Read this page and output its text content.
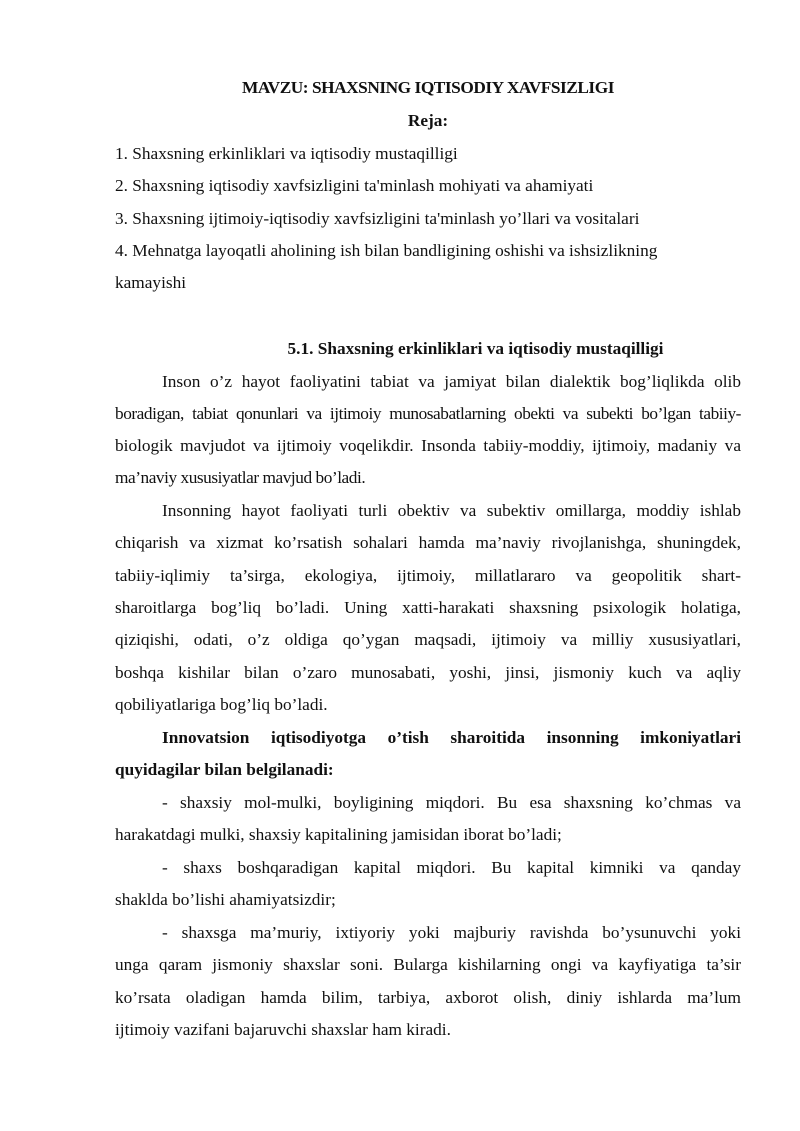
MAVZU: SHAXSNING IQTISODIY XAVFSIZLIGI
Reja:
1. Shaxsning erkinliklari va iqtisodiy mustaqilligi
2. Shaxsning iqtisodiy xavfsizligini ta'minlash mohiyati va ahamiyati
3. Shaxsning ijtimoiy-iqtisodiy xavfsizligini ta'minlash yo’llari va vositalari
4. Mehnatga layoqatli aholining ish bilan bandligining oshishi va ishsizlikning
kamayishi
5.1. Shaxsning erkinliklari va iqtisodiy mustaqilligi
Inson o’z hayot faoliyatini tabiat va jamiyat bilan dialektik bog’liqlikda olib
boradigan, tabiat qonunlari va ijtimoiy munosabatlarning obekti va subekti bo’lgan tabiiy-
biologik mavjudot va ijtimoiy voqelikdir. Insonda tabiiy-moddiy, ijtimoiy, madaniy va
ma’naviy xususiyatlar mavjud bo’ladi.
Insonning hayot faoliyati turli obektiv va subektiv omillarga, moddiy ishlab
chiqarish va xizmat ko’rsatish sohalari hamda ma’naviy rivojlanishga, shuningdek,
tabiiy-iqlimiy ta’sirga, ekologiya, ijtimoiy, millatlararo va geopolitik shart-
sharoitlarga bog’liq bo’ladi. Uning xatti-harakati shaxsning psixologik holatiga,
qiziqishi, odati, o’z oldiga qo’ygan maqsadi, ijtimoiy va milliy xususiyatlari,
boshqa kishilar bilan o’zaro munosabati, yoshi, jinsi, jismoniy kuch va aqliy
qobiliyatlariga bog’liq bo’ladi.
Innovatsion iqtisodiyotga o’tish sharoitida insonning imkoniyatlari
quyidagilar bilan belgilanadi:
- shaxsiy mol-mulki, boyligining miqdori. Bu esa shaxsning ko’chmas va
harakatdagi mulki, shaxsiy kapitalining jamisidan iborat bo’ladi;
- shaxs boshqaradigan kapital miqdori. Bu kapital kimniki va qanday
shaklda bo’lishi ahamiyatsizdir;
- shaxsga ma’muriy, ixtiyoriy yoki majburiy ravishda bo’ysunuvchi yoki
unga qaram jismoniy shaxslar soni. Bularga kishilarning ongi va kayfiyatiga ta’sir
ko’rsata oladigan hamda bilim, tarbiya, axborot olish, diniy ishlarda ma’lum
ijtimoiy vazifani bajaruvchi shaxslar ham kiradi.
